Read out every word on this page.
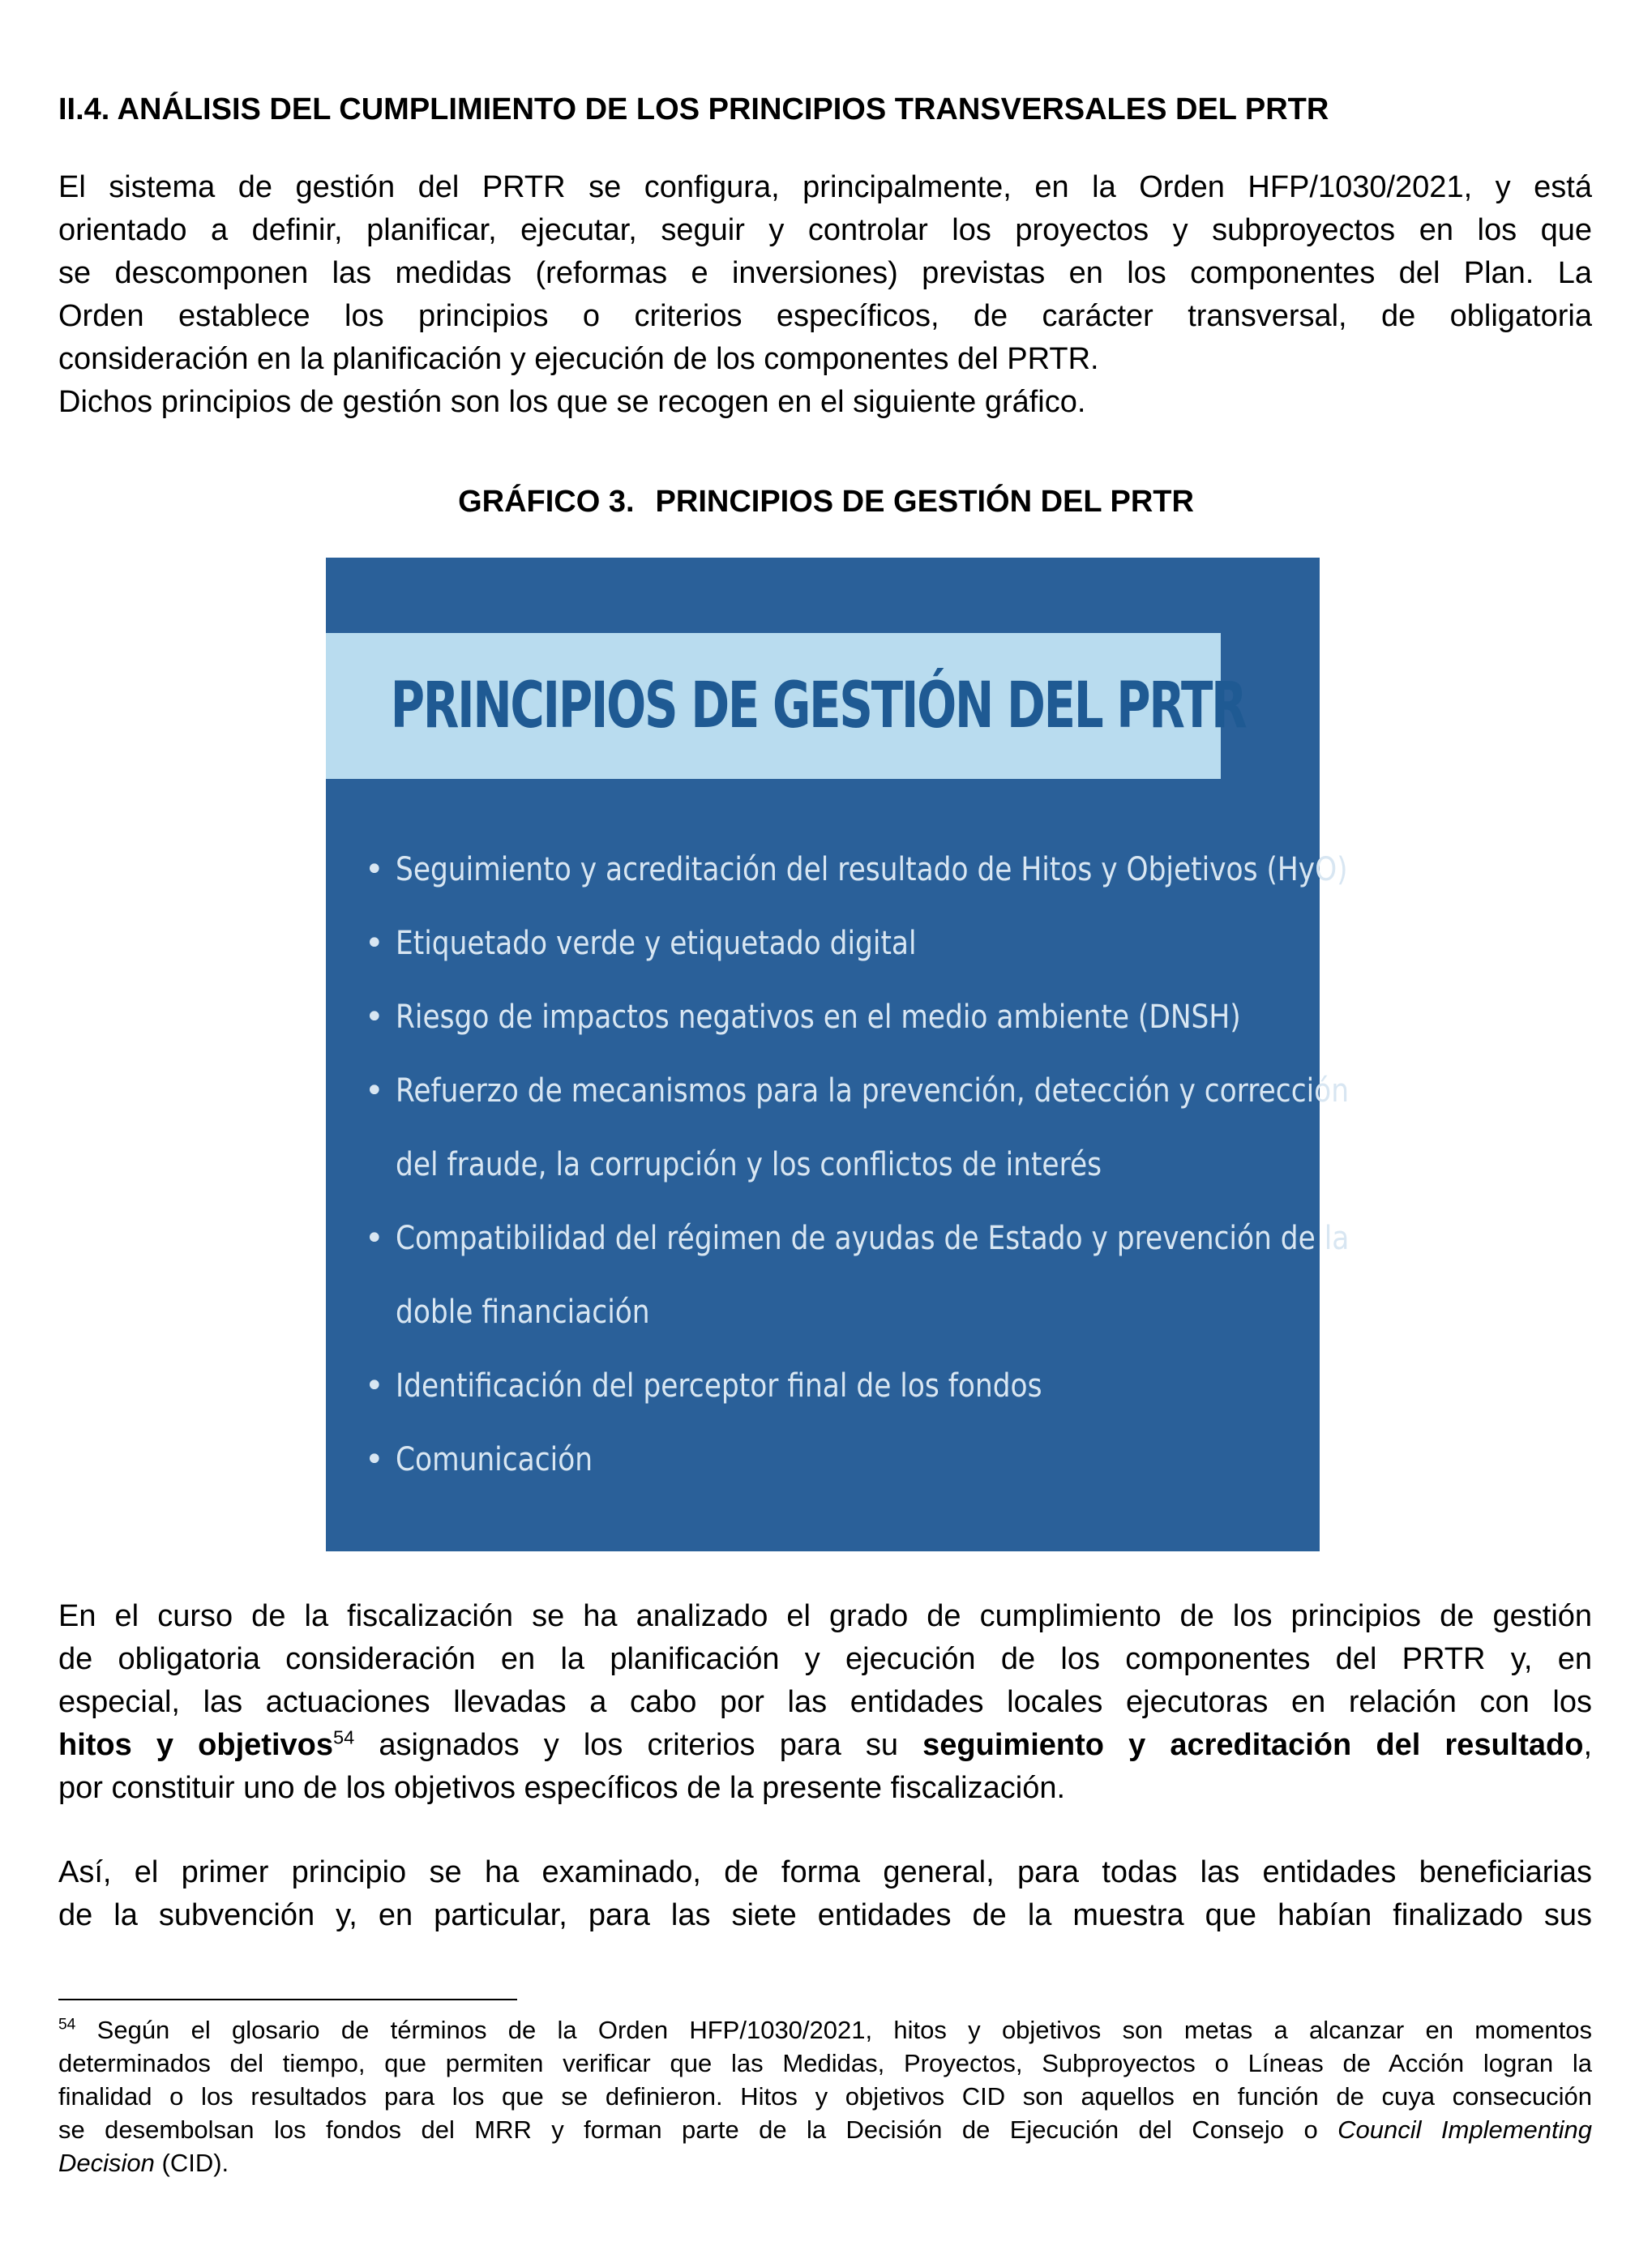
II.4. ANÁLISIS DEL CUMPLIMIENTO DE LOS PRINCIPIOS TRANSVERSALES DEL PRTR

El sistema de gestión del PRTR se configura, principalmente, en la Orden HFP/1030/2021, y está
orientado a definir, planificar, ejecutar, seguir y controlar los proyectos y subproyectos en los que
se descomponen las medidas (reformas e inversiones) previstas en los componentes del Plan. La
Orden establece los principios o criterios específicos, de carácter transversal, de obligatoria
consideración en la planificación y ejecución de los componentes del PRTR.

Dichos principios de gestión son los que se recogen en el siguiente gráfico.

GRÁFICO 3. PRINCIPIOS DE GESTIÓN DEL PRTR
PRINCIPIOS DE GESTIÓN DEL PRTR
• Seguimiento y acreditación del resultado de Hitos y Objetivos (HyO)
• Etiquetado verde y etiquetado digital
• Riesgo de impactos negativos en el medio ambiente (DNSH)
• Refuerzo de mecanismos para la prevención, detección y corrección
del fraude, la corrupción y los conflictos de interés
• Compatibilidad del régimen de ayudas de Estado y prevención de la
doble financiación
• Identificación del perceptor final de los fondos
• Comunicación

En el curso de la fiscalización se ha analizado el grado de cumplimiento de los principios de gestión
de obligatoria consideración en la planificación y ejecución de los componentes del PRTR y, en
especial, las actuaciones llevadas a cabo por las entidades locales ejecutoras en relación con los
hitos y objetivos$^{54}$ asignados y los criterios para su seguimiento y acreditación del resultado,
por constituir uno de los objetivos específicos de la presente fiscalización.

Así, el primer principio se ha examinado, de forma general, para todas las entidades beneficiarias
de la subvención y, en particular, para las siete entidades de la muestra que habían finalizado sus

$^{54}$ Según el glosario de términos de la Orden HFP/1030/2021, hitos y objetivos son metas a alcanzar en momentos
determinados del tiempo, que permiten verificar que las Medidas, Proyectos, Subproyectos o Líneas de Acción logran la
finalidad o los resultados para los que se definieron. Hitos y objetivos CID son aquellos en función de cuya consecución
se desembolsan los fondos del MRR y forman parte de la Decisión de Ejecución del Consejo o Council Implementing
Decision (CID).
